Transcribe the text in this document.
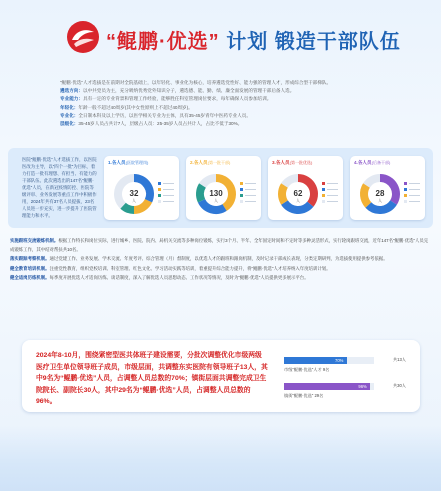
“鲲鹏·优选” 计划 锻造干部队伍

“鲲鹏·优选”人才选拔是在前期对全院基础上，以年轻化、事业化为核心，培养遴选党性好、能力强的管理人才，形成综合型干部梯队。

遴选方向：以中共党员为主，充分吸纳优秀党外知识分子，遴选德、能、勤、绩、廉全面发展的管理干部后备人选。

专业能力：具有一定的专业背景和管理工作经验，能够胜任科室管理岗位要求，每年确保人员参加培训。

年轻化：年龄一般不超过40周岁(其中女性原则上不超过40周岁)。

专业化：全日制本科及以上学历，以医学相关专业为主体，具有35-45岁青年中医药专业人员。

层级化：35-45岁人员占共计7人，层级占人员：25-35岁人员占共计人，占比不低于30%。

医院“鲲鹏·优选”人才选拔工作，以医院医改为主导，以“四个一批”为目标，着力打造一批有理想、有担当、有能力的干部队伍。此次遴选出的147名“鲲鹏·优选”人员，在新冠疫情防控、医院等级评审、业务发展等重点工作中积极作用，2024年共有37名人员提拔，23名人员进一步充实，进一步提升了医院管理能力和水平。
1.各人员(医院管理岗)
32
人
2.各人员(第一批干部)
130
人
3.各人员(第一批优选)
62
人
4.各人员(后备干部)
28
人

实施跟班交流锻炼机制。根据工作特长和岗位实际，进行城乡、医院、院内、局机关交流等多种岗位锻炼，实行3个月、半年、全年固定时间和不定时等多种灵活形式，实行轮岗跟班交流，近年147名“鲲鹏·优选”人员完成锻炼工作，其中结对帮扶共10名。

落实跟踪考察机制。通过党建工作、业务发展、学术交流、年度考评、综合管理（月）督制度，以优选人才的跟班和跟岗机制，及时记录干部成长表现，分类定期研判，为选拔使用提供参考依据。

健全教育培训机制。注重党性教育，组织党校培训、科室管理、红色文化、学习活动实践等培训，着重提升综合能力提升，将“鲲鹏·优选”人才培养纳入年度培训计划。

健全适岗历练机制。每季度开展优选人才适岗历练、谈话制度，深入了解优选人员思想动态、工作状况等情况，及时为“鲲鹏·优选”人员提供更多展示平台。

2024年8-10月，围绕紧密型医共体班子建设需要，分批次调整优化市级两级医疗卫生单位领导班子成员，市级层面，共调整东实医院有领导班子13人，其中9名为“鲲鹏·优选”人员，占调整人员总数的70%；镇街层面共调整完成卫生院院长、副院长30人，其中29名为“鲲鹏·优选”人员，占调整人员总数的96%。
共13人
70%
市级“鲲鹏·优选”人才 9名
共30人
96%
镇街“鲲鹏·优选” 29名
